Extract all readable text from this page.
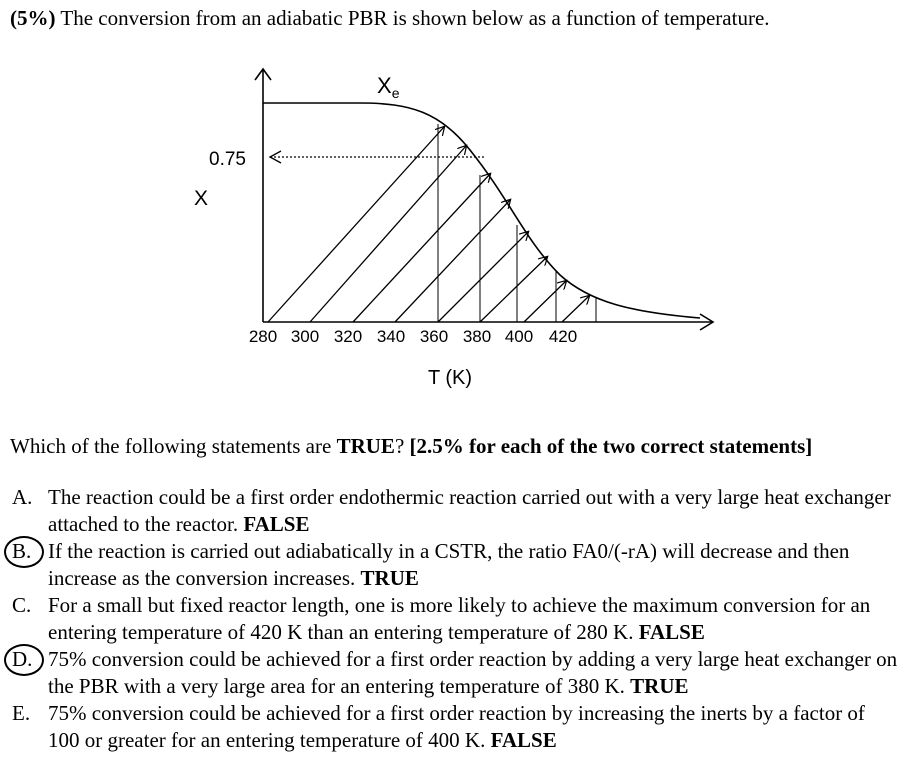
(5%) The conversion from an adiabatic PBR is shown below as a function of temperature.
$X_e$
0.75
X
280 300 320 340 360 380 400 420
T (K)
Which of the following statements are TRUE? [2.5% for each of the two correct statements]

A. The reaction could be a first order endothermic reaction carried out with a very large heat exchanger attached to the reactor. FALSE

B. If the reaction is carried out adiabatically in a CSTR, the ratio FA0/(-rA) will decrease and then increase as the conversion increases. TRUE

C. For a small but fixed reactor length, one is more likely to achieve the maximum conversion for an entering temperature of 420 K than an entering temperature of 280 K. FALSE

D. 75% conversion could be achieved for a first order reaction by adding a very large heat exchanger on the PBR with a very large area for an entering temperature of 380 K. TRUE

E. 75% conversion could be achieved for a first order reaction by increasing the inerts by a factor of 100 or greater for an entering temperature of 400 K. FALSE
